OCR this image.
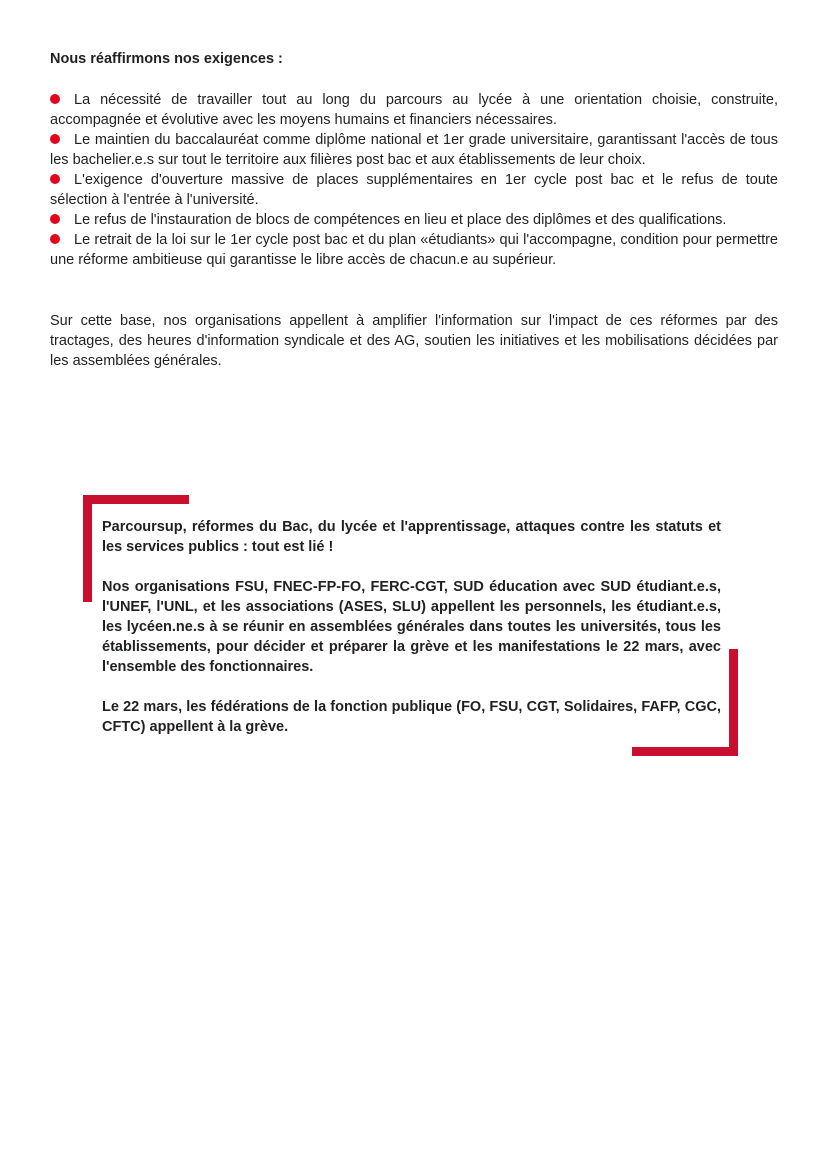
Nous réaffirmons nos exigences :
La nécessité de travailler tout au long du parcours au lycée à une orientation choisie, construite, accompagnée et évolutive avec les moyens humains et financiers nécessaires.
Le maintien du baccalauréat comme diplôme national et 1er grade universitaire, garantissant l'accès de tous les bachelier.e.s sur tout le territoire aux filières post bac et aux établissements de leur choix.
L'exigence d'ouverture massive de places supplémentaires en 1er cycle post bac et le refus de toute sélection à l'entrée à l'université.
Le refus de l'instauration de blocs de compétences en lieu et place des diplômes et des qualifications.
Le retrait de la loi sur le 1er cycle post bac et du plan «étudiants» qui l'accompagne, condition pour permettre une réforme ambitieuse qui garantisse le libre accès de chacun.e au supérieur.

Sur cette base, nos organisations appellent à amplifier l'information sur l'impact de ces réformes par des tractages, des heures d'information syndicale et des AG, soutien les initiatives et les mobilisations décidées par les assemblées générales.

Parcoursup, réformes du Bac, du lycée et l'apprentissage, attaques contre les statuts et les services publics : tout est lié !

Nos organisations FSU, FNEC-FP-FO, FERC-CGT, SUD éducation avec SUD étudiant.e.s, l'UNEF, l'UNL, et les associations (ASES, SLU) appellent les personnels, les étudiant.e.s, les lycéen.ne.s à se réunir en assemblées générales dans toutes les universités, tous les établissements, pour décider et préparer la grève et les manifestations le 22 mars, avec l'ensemble des fonctionnaires.

Le 22 mars, les fédérations de la fonction publique (FO, FSU, CGT, Solidaires, FAFP, CGC, CFTC) appellent à la grève.
